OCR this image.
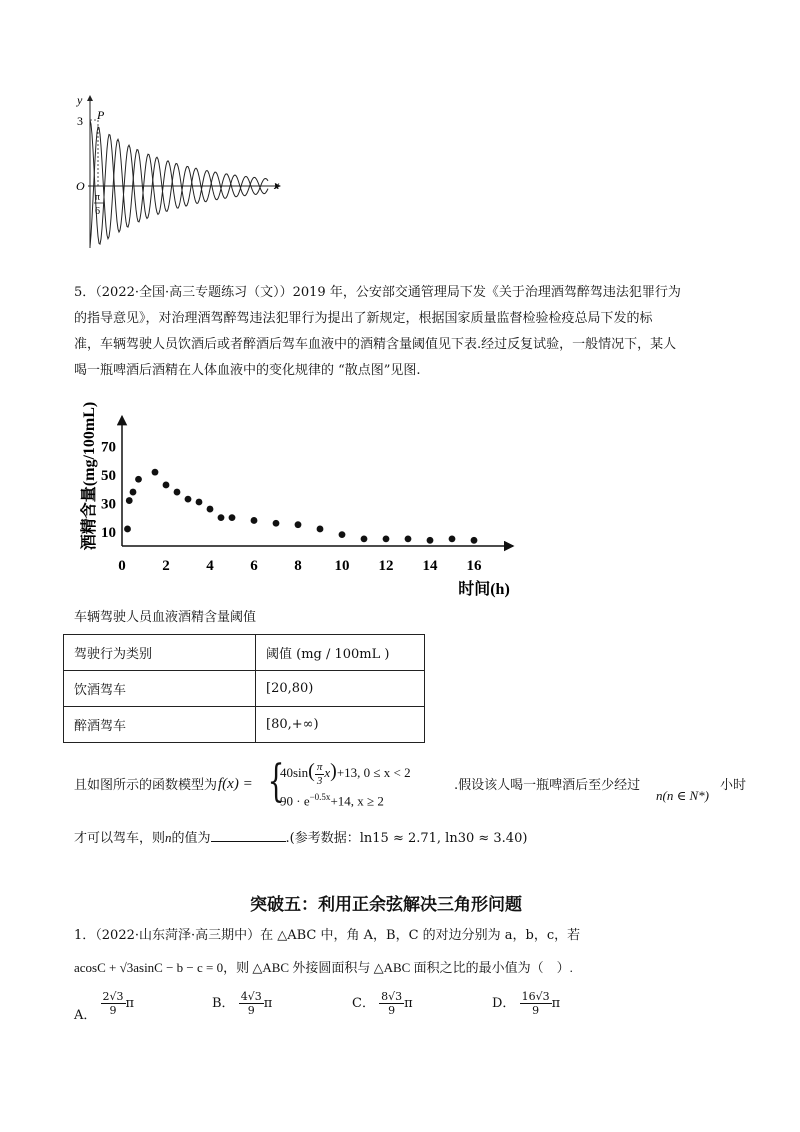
y
x
O
3 P
π
6
5．（2022·全国·高三专题练习（文））2019 年，公安部交通管理局下发《关于治理酒驾醉驾违法犯罪行为
的指导意见》，对治理酒驾醉驾违法犯罪行为提出了新规定，根据国家质量监督检验检疫总局下发的标
准，车辆驾驶人员饮酒后或者醉酒后驾车血液中的酒精含量阈值见下表.经过反复试验，一般情况下，某人
喝一瓶啤酒后酒精在人体血液中的变化规律的 “散点图”见图.
0 2 4 6 8 10 12 14 16
10
30
50
70
时间(h)
酒精含量(mg/100mL)
车辆驾驶人员血液酒精含量阈值
驾驶行为类别	阈值 (mg / 100mL )
饮酒驾车	[20,80)
醉酒驾车	[80,+∞)
且如图所示的函数模型为 f(x) = {
$40\sin( \frac{\pi}{3} x)+13$, 0 ≤ x < 2
$90 \cdot e^{-0.5x}+14$, x ≥ 2
.假设该人喝一瓶啤酒后至少经过
n(n ∈ N*)
小时
才可以驾车，则n的值为	.(参考数据：ln15 ≈ 2.71, ln30 ≈ 3.40)
突破五：利用正余弦解决三角形问题
1．（2022·山东菏泽·高三期中）在 △ABC 中，角 A，B，C 的对边分别为 a，b，c，若
acosC + √3asinC − b − c = 0，则 △ABC 外接圆面积与 △ABC 面积之比的最小值为（　）.
A． $\frac{2√3}{9}$ π	B． $\frac{4√3}{9}$ π	C． $\frac{8√3}{9}$ π	D． $\frac{16√3}{9}$ π
